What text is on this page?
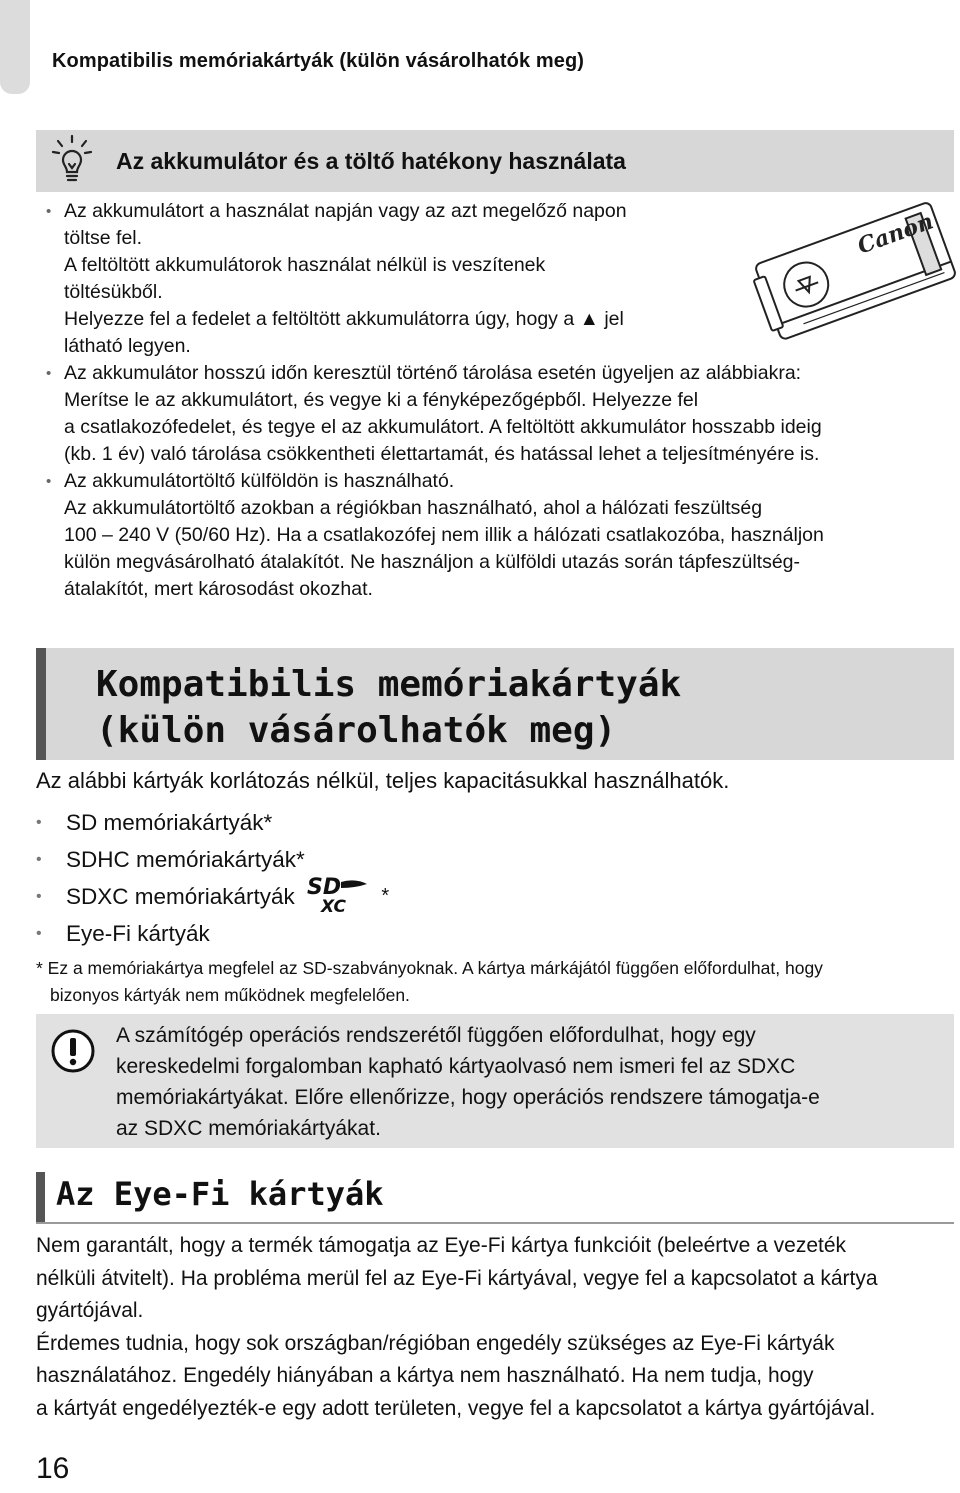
Kompatibilis memóriakártyák (külön vásárolhatók meg)
Az akkumulátor és a töltő hatékony használata
Canon
• Az akkumulátort a használat napján vagy az azt megelőző napon
töltse fel.
A feltöltött akkumulátorok használat nélkül is veszítenek
töltésükből.
Helyezze fel a fedelet a feltöltött akkumulátorra úgy, hogy a ▲ jel
látható legyen.
• Az akkumulátor hosszú időn keresztül történő tárolása esetén ügyeljen az alábbiakra:
Merítse le az akkumulátort, és vegye ki a fényképezőgépből. Helyezze fel
a csatlakozófedelet, és tegye el az akkumulátort. A feltöltött akkumulátor hosszabb ideig
(kb. 1 év) való tárolása csökkentheti élettartamát, és hatással lehet a teljesítményére is.
• Az akkumulátortöltő külföldön is használható.
Az akkumulátortöltő azokban a régiókban használható, ahol a hálózati feszültség
100 – 240 V (50/60 Hz). Ha a csatlakozófej nem illik a hálózati csatlakozóba, használjon
külön megvásárolható átalakítót. Ne használjon a külföldi utazás során tápfeszültség-
átalakítót, mert károsodást okozhat.
Kompatibilis memóriakártyák
(külön vásárolhatók meg)
Az alábbi kártyák korlátozás nélkül, teljes kapacitásukkal használhatók.
• SD memóriakártyák*
• SDHC memóriakártyák*
• SDXC memóriakártyák SD
XC
*
• Eye-Fi kártyák
* Ez a memóriakártya megfelel az SD-szabványoknak. A kártya márkájától függően előfordulhat, hogy
bizonyos kártyák nem működnek megfelelően.
A számítógép operációs rendszerétől függően előfordulhat, hogy egy
kereskedelmi forgalomban kapható kártyaolvasó nem ismeri fel az SDXC
memóriakártyákat. Előre ellenőrizze, hogy operációs rendszere támogatja-e
az SDXC memóriakártyákat.
Az Eye-Fi kártyák
Nem garantált, hogy a termék támogatja az Eye-Fi kártya funkcióit (beleértve a vezeték
nélküli átvitelt). Ha probléma merül fel az Eye-Fi kártyával, vegye fel a kapcsolatot a kártya
gyártójával.
Érdemes tudnia, hogy sok országban/régióban engedély szükséges az Eye-Fi kártyák
használatához. Engedély hiányában a kártya nem használható. Ha nem tudja, hogy
a kártyát engedélyezték-e egy adott területen, vegye fel a kapcsolatot a kártya gyártójával.
16
